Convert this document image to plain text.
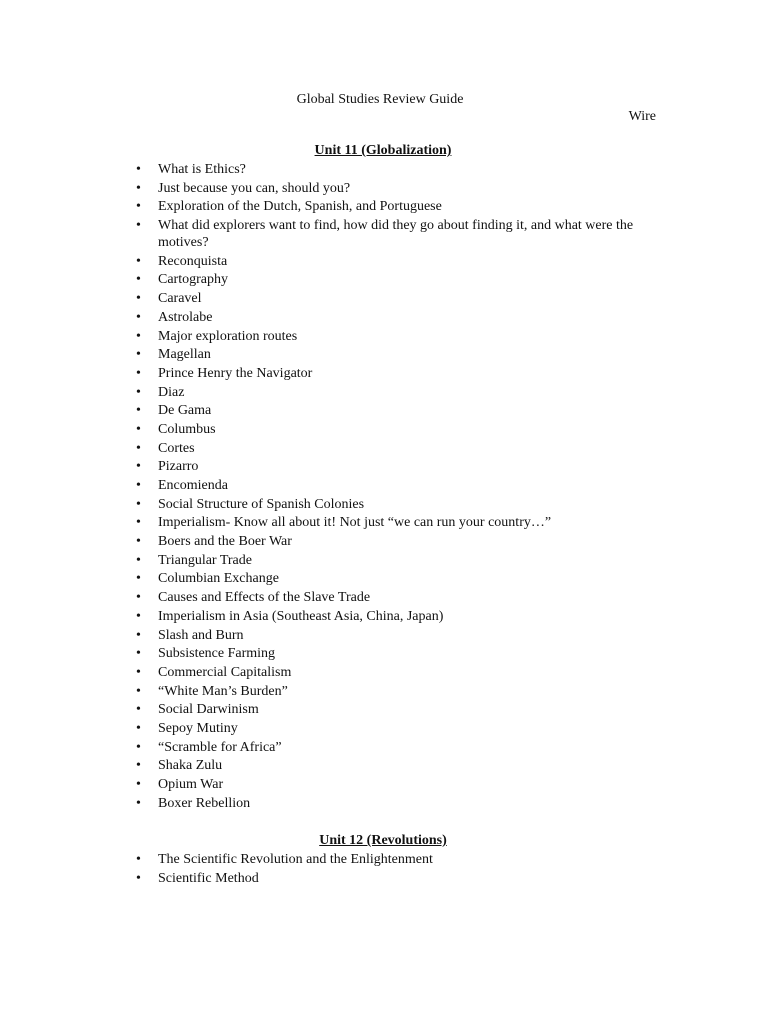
Global Studies Review Guide
Wire
Unit 11 (Globalization)
• What is Ethics?
• Just because you can, should you?
• Exploration of the Dutch, Spanish, and Portuguese
• What did explorers want to find, how did they go about finding it, and what were the motives?
• Reconquista
• Cartography
• Caravel
• Astrolabe
• Major exploration routes
• Magellan
• Prince Henry the Navigator
• Diaz
• De Gama
• Columbus
• Cortes
• Pizarro
• Encomienda
• Social Structure of Spanish Colonies
• Imperialism- Know all about it! Not just “we can run your country…”
• Boers and the Boer War
• Triangular Trade
• Columbian Exchange
• Causes and Effects of the Slave Trade
• Imperialism in Asia (Southeast Asia, China, Japan)
• Slash and Burn
• Subsistence Farming
• Commercial Capitalism
• “White Man’s Burden”
• Social Darwinism
• Sepoy Mutiny
• “Scramble for Africa”
• Shaka Zulu
• Opium War
• Boxer Rebellion
Unit 12 (Revolutions)
• The Scientific Revolution and the Enlightenment
• Scientific Method
